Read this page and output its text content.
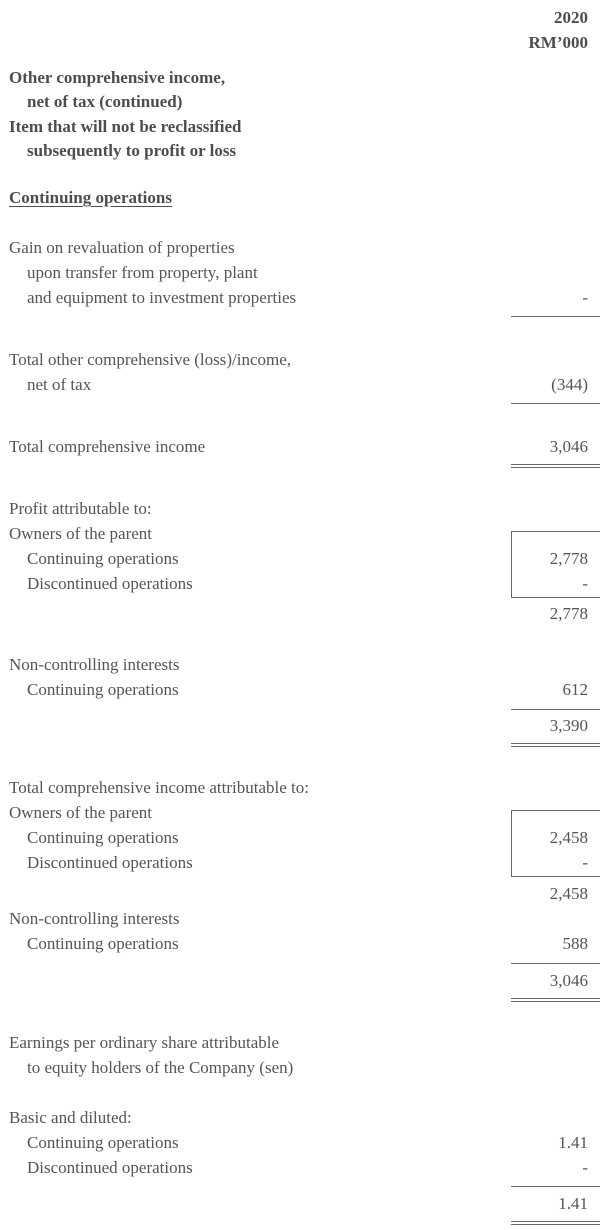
2020
RM’000
Other comprehensive income,
net of tax (continued)
Item that will not be reclassified
subsequently to profit or loss
Continuing operations
Gain on revaluation of properties
upon transfer from property, plant
and equipment to investment properties	-
Total other comprehensive (loss)/income,
net of tax	(344)
Total comprehensive income	3,046
Profit attributable to:
Owners of the parent
Continuing operations	2,778
Discontinued operations	-
2,778
Non-controlling interests
Continuing operations	612
3,390
Total comprehensive income attributable to:
Owners of the parent
Continuing operations	2,458
Discontinued operations	-
2,458
Non-controlling interests
Continuing operations	588
3,046
Earnings per ordinary share attributable
to equity holders of the Company (sen)
Basic and diluted:
Continuing operations	1.41
Discontinued operations	-
1.41
